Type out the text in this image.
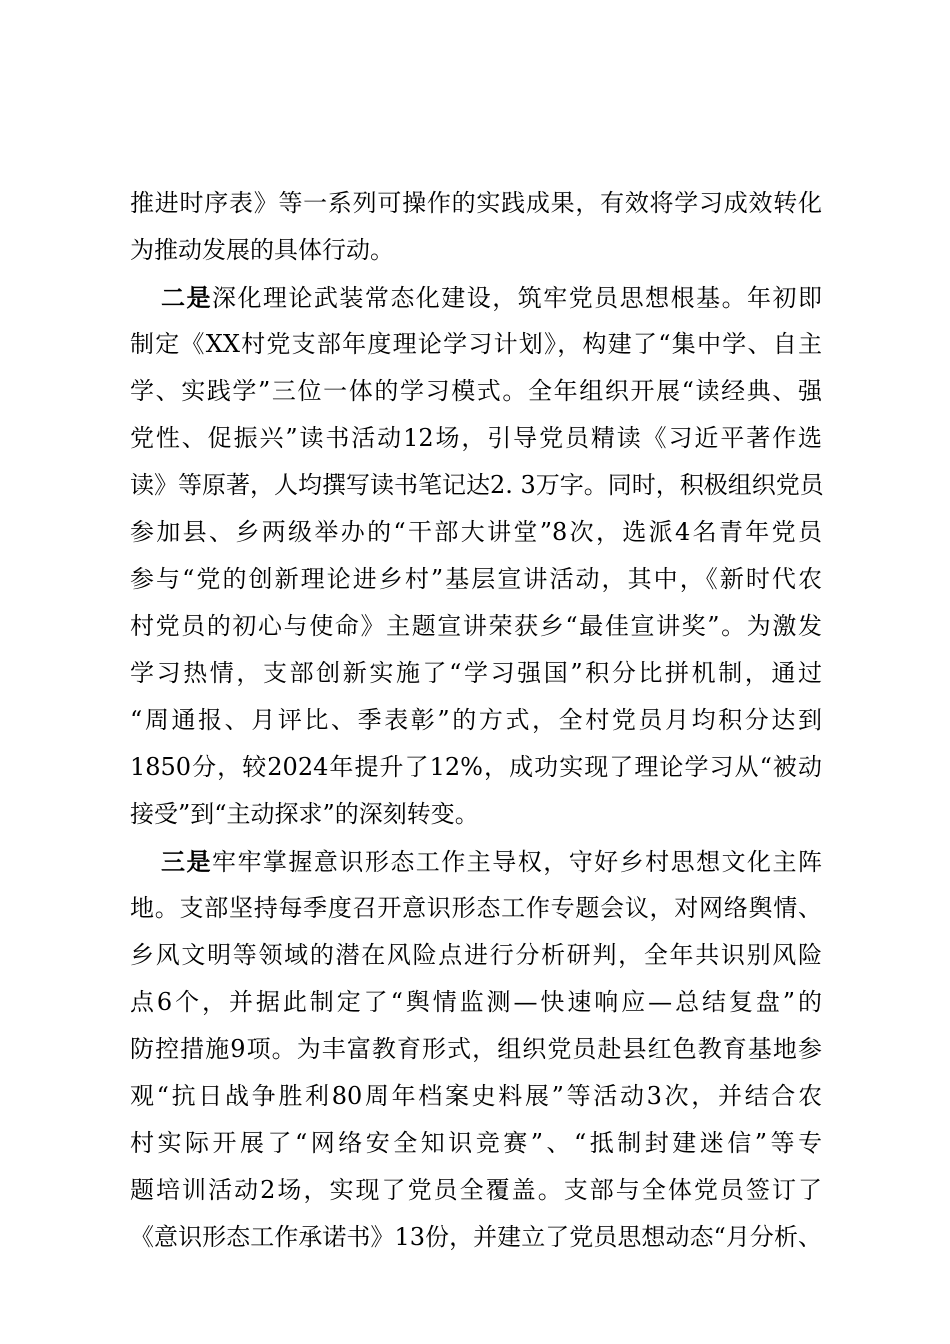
推进时序表》等一系列可操作的实践成果，有效将学习成效转化
为推动发展的具体行动。
二是深化理论武装常态化建设，筑牢党员思想根基。年初即
制定《XX村党支部年度理论学习计划》，构建了“集中学、自主
学、实践学”三位一体的学习模式。全年组织开展“读经典、强
党性、促振兴”读书活动12场，引导党员精读《习近平著作选
读》等原著，人均撰写读书笔记达2. 3万字。同时，积极组织党员
参加县、乡两级举办的“干部大讲堂”8次，选派4名青年党员
参与“党的创新理论进乡村”基层宣讲活动，其中，《新时代农
村党员的初心与使命》主题宣讲荣获乡“最佳宣讲奖”。为激发
学习热情，支部创新实施了“学习强国”积分比拼机制，通过
“周通报、月评比、季表彰”的方式，全村党员月均积分达到
1850分，较2024年提升了12%，成功实现了理论学习从“被动
接受”到“主动探求”的深刻转变。
三是牢牢掌握意识形态工作主导权，守好乡村思想文化主阵
地。支部坚持每季度召开意识形态工作专题会议，对网络舆情、
乡风文明等领域的潜在风险点进行分析研判，全年共识别风险
点6个，并据此制定了“舆情监测—快速响应—总结复盘”的
防控措施9项。为丰富教育形式，组织党员赴县红色教育基地参
观“抗日战争胜利80周年档案史料展”等活动3次，并结合农
村实际开展了“网络安全知识竞赛”、“抵制封建迷信”等专
题培训活动2场，实现了党员全覆盖。支部与全体党员签订了
《意识形态工作承诺书》13份，并建立了党员思想动态“月分析、
